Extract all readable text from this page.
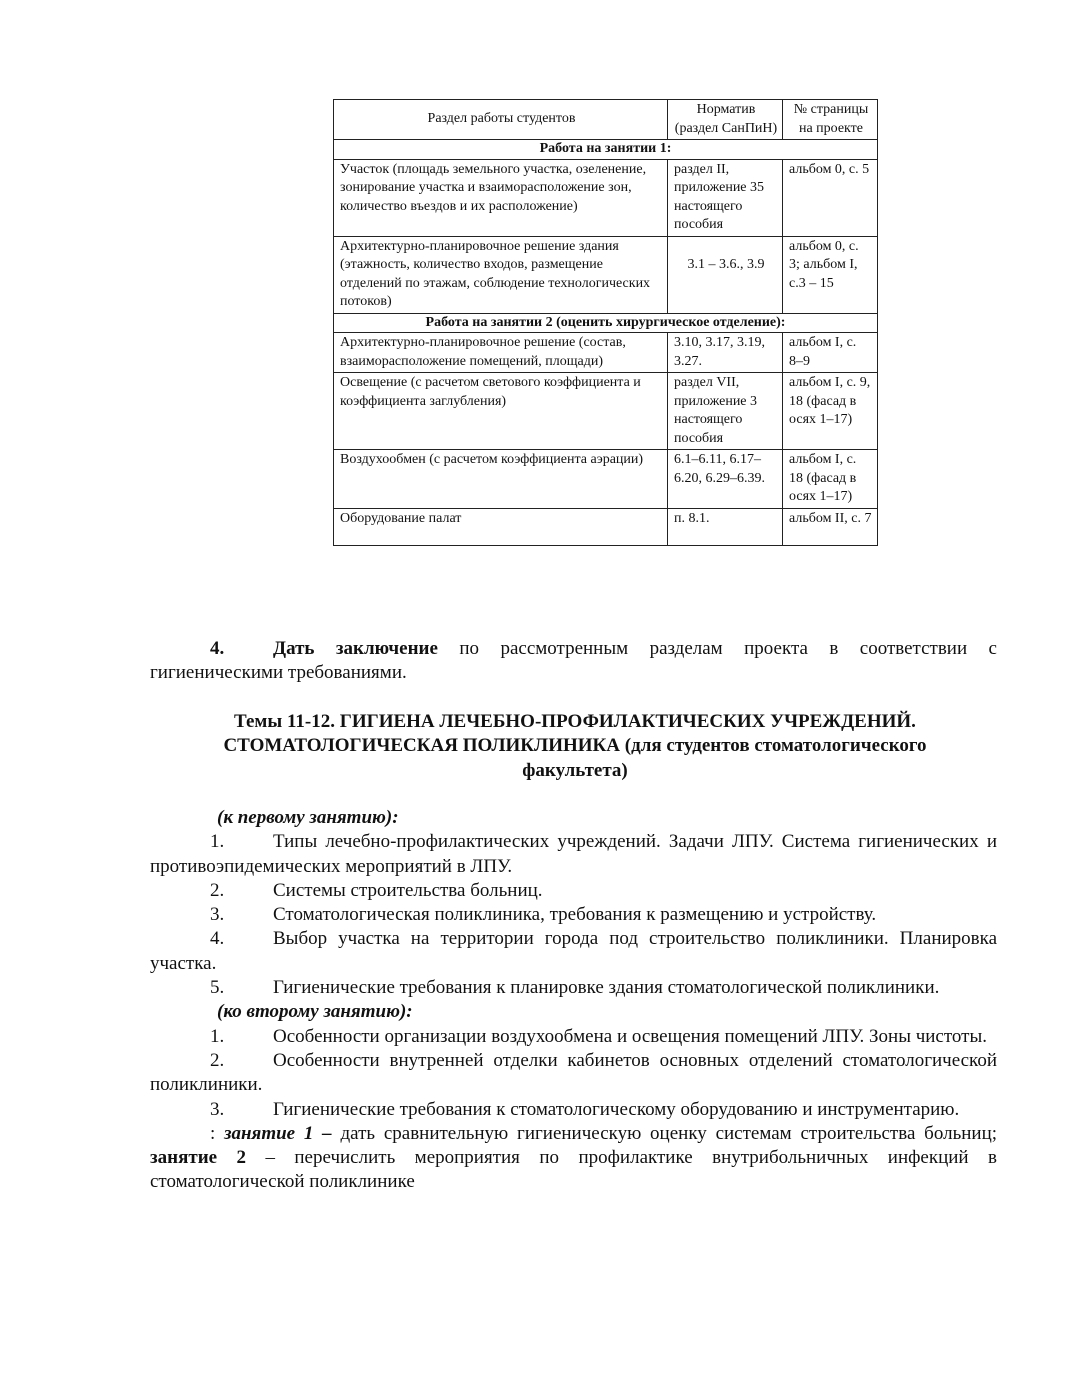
Раздел работы студентов	Норматив (раздел СанПиН)	№ страницы на проекте
Работа на занятии 1:		
Участок (площадь земельного участка, озеленение, зонирование участка и взаиморасположение зон, количество въездов и их расположение)	раздел II, приложение 35 настоящего пособия	альбом 0, с. 5
Архитектурно-планировочное решение здания (этажность, количество входов, размещение отделений по этажам, соблюдение технологических потоков)	3.1 – 3.6., 3.9	альбом 0, с. 3; альбом I, с.3 – 15
Работа на занятии 2 (оценить хирургическое отделение):		
Архитектурно-планировочное решение (состав, взаиморасположение помещений, площади)	3.10, 3.17, 3.19, 3.27.	альбом I, с. 8–9
Освещение (с расчетом светового коэффициента и коэффициента заглубления)	раздел VII, приложение 3 настоящего пособия	альбом I, с. 9, 18 (фасад в осях 1–17)
Воздухообмен (с расчетом коэффициента аэрации)	6.1–6.11, 6.17–6.20, 6.29–6.39.	альбом I, с. 18 (фасад в осях 1–17)
Оборудование палат	п. 8.1.	альбом II, с. 7

4.	Дать заключение по рассмотренным разделам проекта в соответствии с гигиеническими требованиями.

Темы 11-12. ГИГИЕНА ЛЕЧЕБНО-ПРОФИЛАКТИЧЕСКИХ УЧРЕЖДЕНИЙ. СТОМАТОЛОГИЧЕСКАЯ ПОЛИКЛИНИКА (для студентов стоматологического факультета)

(к первому занятию):

1.	Типы лечебно-профилактических учреждений. Задачи ЛПУ. Система гигиенических и противоэпидемических мероприятий в ЛПУ.

2.	Системы строительства больниц.

3.	Стоматологическая поликлиника, требования к размещению и устройству.

4.	Выбор участка на территории города под строительство поликлиники. Планировка участка.

5.	Гигиенические требования к планировке здания стоматологической поликлиники.

(ко второму занятию):

1.	Особенности организации воздухообмена и освещения помещений ЛПУ. Зоны чистоты.

2.	Особенности внутренней отделки кабинетов основных отделений стоматологической поликлиники.

3.	Гигиенические требования к стоматологическому оборудованию и инструментарию.

: занятие 1 – дать сравнительную гигиеническую оценку системам строительства больниц; занятие 2 – перечислить мероприятия по профилактике внутрибольничных инфекций в стоматологической поликлинике
